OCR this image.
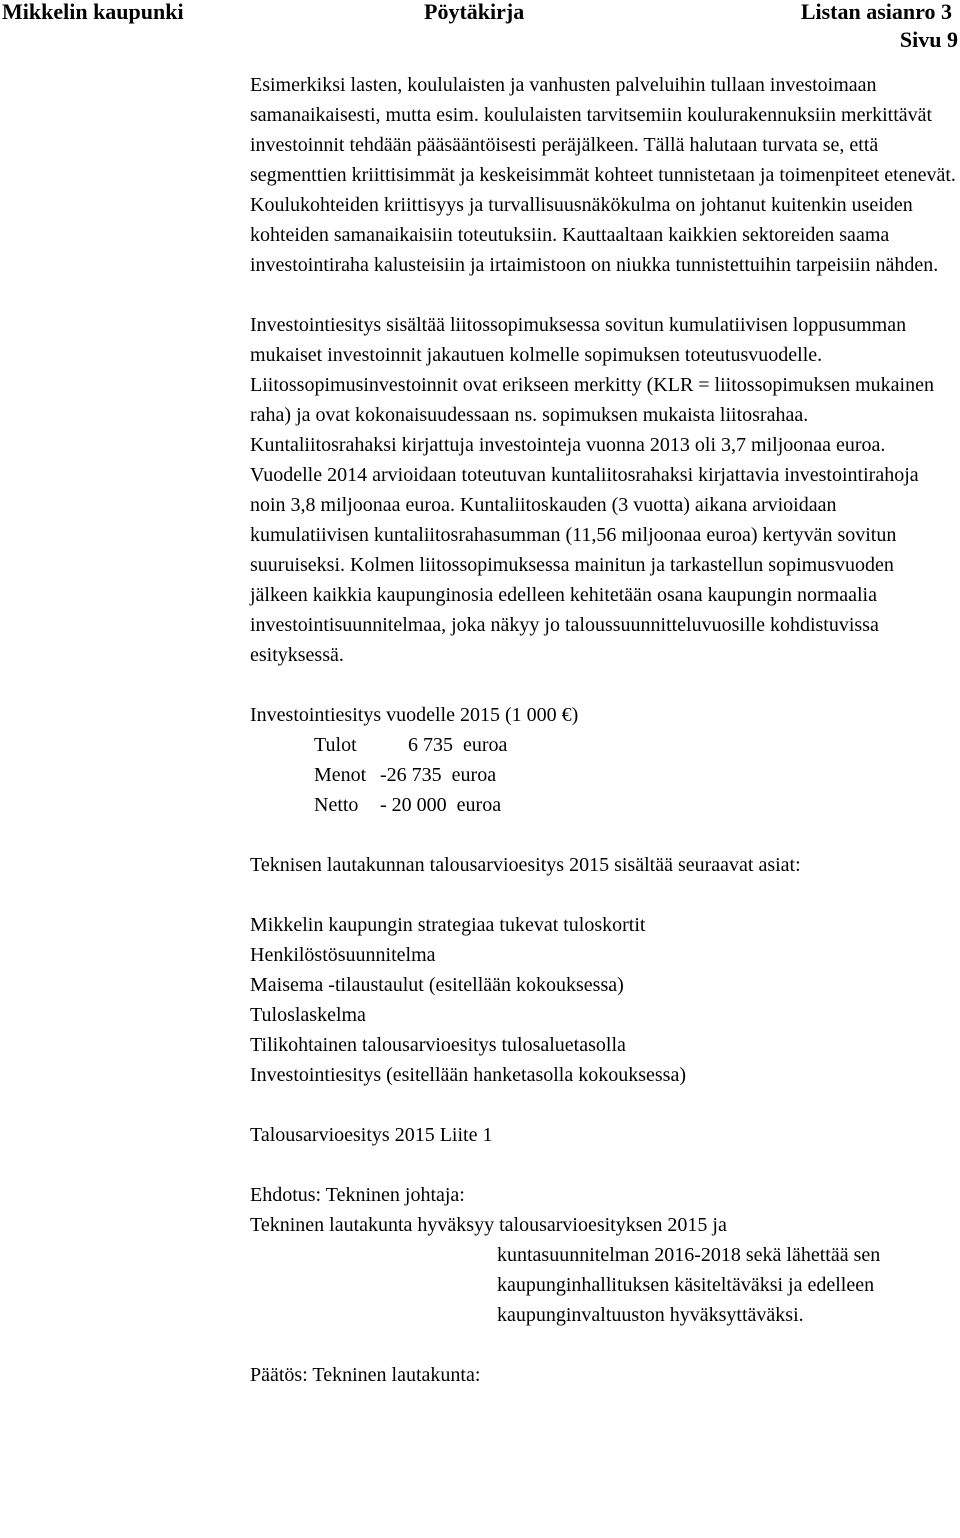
Mikkelin kaupunki	Pöytäkirja	Listan asianro 3
Sivu 9

Esimerkiksi lasten, koululaisten ja vanhusten palveluihin tullaan investoimaan samanaikaisesti, mutta esim. koululaisten tarvitsemiin koulurakennuksiin merkittävät investoinnit tehdään pääsääntöisesti peräjälkeen. Tällä halutaan turvata se, että segmenttien kriittisimmät ja keskeisimmät kohteet tunnistetaan ja toimenpiteet etenevät. Koulukohteiden kriittisyys ja turvallisuusnäkökulma on johtanut kuitenkin useiden kohteiden samanaikaisiin toteutuksiin. Kauttaaltaan kaikkien sektoreiden saama investointiraha kalusteisiin ja irtaimistoon on niukka tunnistettuihin tarpeisiin nähden.

Investointiesitys sisältää liitossopimuksessa sovitun kumulatiivisen loppusumman mukaiset investoinnit jakautuen kolmelle sopimuksen toteutusvuodelle. Liitossopimusinvestoinnit ovat erikseen merkitty (KLR = liitossopimuksen mukainen raha) ja ovat kokonaisuudessaan ns. sopimuksen mukaista liitosrahaa. Kuntaliitosrahaksi kirjattuja investointeja vuonna 2013 oli 3,7 miljoonaa euroa. Vuodelle 2014 arvioidaan toteutuvan kuntaliitosrahaksi kirjattavia investointirahoja noin 3,8 miljoonaa euroa. Kuntaliitoskauden (3 vuotta) aikana arvioidaan kumulatiivisen kuntaliitosrahasumman (11,56 miljoonaa euroa) kertyvän sovitun suuruiseksi. Kolmen liitossopimuksessa mainitun ja tarkastellun sopimusvuoden jälkeen kaikkia kaupunginosia edelleen kehitetään osana kaupungin normaalia investointisuunnitelmaa, joka näkyy jo taloussuunnitteluvuosille kohdistuvissa esityksessä.

Investointiesitys vuodelle 2015 (1 000 €)
Tulot	6 735  euroa
Menot -26 735  euroa
Netto - 20 000  euroa
Teknisen lautakunnan talousarvioesitys 2015 sisältää seuraavat asiat:
Mikkelin kaupungin strategiaa tukevat tuloskortit
Henkilöstösuunnitelma
Maisema -tilaustaulut (esitellään kokouksessa)
Tuloslaskelma
Tilikohtainen talousarvioesitys tulosaluetasolla
Investointiesitys (esitellään hanketasolla kokouksessa)
Talousarvioesitys 2015 Liite 1
Ehdotus: Tekninen johtaja:
Tekninen lautakunta hyväksyy talousarvioesityksen 2015 ja
kuntasuunnitelman 2016-2018 sekä lähettää sen kaupunginhallituksen käsiteltäväksi ja edelleen kaupunginvaltuuston hyväksyttäväksi.
Päätös: Tekninen lautakunta:
